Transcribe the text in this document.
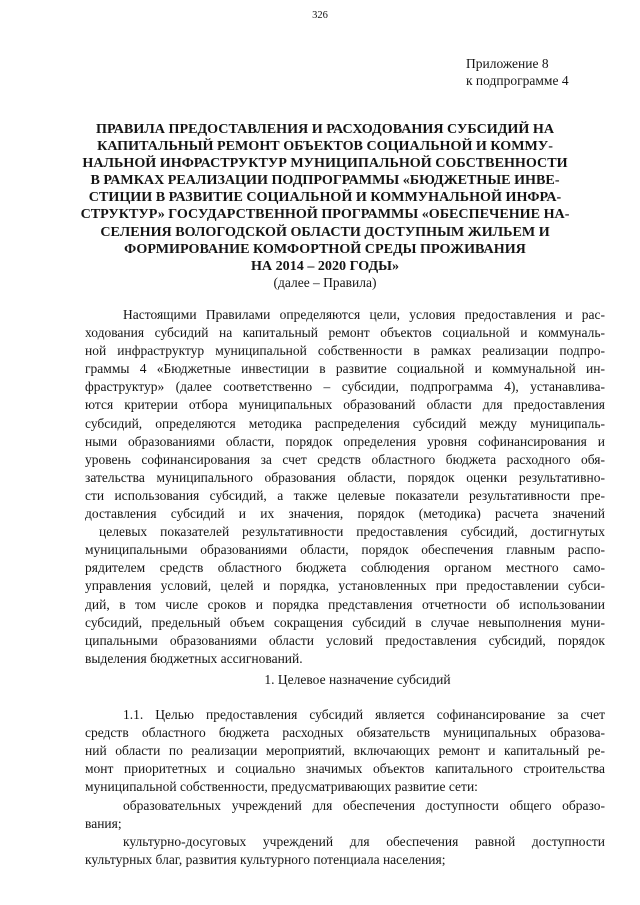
326
Приложение 8
к подпрограмме 4
ПРАВИЛА ПРЕДОСТАВЛЕНИЯ И РАСХОДОВАНИЯ СУБСИДИЙ НА
КАПИТАЛЬНЫЙ РЕМОНТ ОБЪЕКТОВ СОЦИАЛЬНОЙ И КОММУ-
НАЛЬНОЙ ИНФРАСТРУКТУР МУНИЦИПАЛЬНОЙ СОБСТВЕННОСТИ
В РАМКАХ РЕАЛИЗАЦИИ ПОДПРОГРАММЫ «БЮДЖЕТНЫЕ ИНВЕ-
СТИЦИИ В РАЗВИТИЕ СОЦИАЛЬНОЙ И КОММУНАЛЬНОЙ ИНФРА-
СТРУКТУР» ГОСУДАРСТВЕННОЙ ПРОГРАММЫ «ОБЕСПЕЧЕНИЕ НА-
СЕЛЕНИЯ ВОЛОГОДСКОЙ ОБЛАСТИ ДОСТУПНЫМ ЖИЛЬЕМ И
ФОРМИРОВАНИЕ КОМФОРТНОЙ СРЕДЫ ПРОЖИВАНИЯ
НА 2014 – 2020 ГОДЫ»
(далее – Правила)
Настоящими Правилами определяются цели, условия предоставления и рас-
ходования субсидий на капитальный ремонт объектов социальной и коммуналь-
ной инфраструктур муниципальной собственности в рамках реализации подпро-
граммы 4 «Бюджетные инвестиции в развитие социальной и коммунальной ин-
фраструктур» (далее соответственно – субсидии, подпрограмма 4), устанавлива-
ются критерии отбора муниципальных образований области для предоставления
субсидий, определяются методика распределения субсидий между муниципаль-
ными образованиями области, порядок определения уровня софинансирования и
уровень софинансирования за счет средств областного бюджета расходного обя-
зательства муниципального образования области, порядок оценки результативно-
сти использования субсидий, а также целевые показатели результативности пре-
доставления субсидий и их значения, порядок (методика) расчета значений
целевых показателей результативности предоставления субсидий, достигнутых
муниципальными образованиями области, порядок обеспечения главным распо-
рядителем средств областного бюджета соблюдения органом местного само-
управления условий, целей и порядка, установленных при предоставлении субси-
дий, в том числе сроков и порядка представления отчетности об использовании
субсидий, предельный объем сокращения субсидий в случае невыполнения муни-
ципальными образованиями области условий предоставления субсидий, порядок
выделения бюджетных ассигнований.
1. Целевое назначение субсидий
1.1. Целью предоставления субсидий является софинансирование за счет
средств областного бюджета расходных обязательств муниципальных образова-
ний области по реализации мероприятий, включающих ремонт и капитальный ре-
монт приоритетных и социально значимых объектов капитального строительства
муниципальной собственности, предусматривающих развитие сети:
образовательных учреждений для обеспечения доступности общего образо-
вания;
культурно-досуговых учреждений для обеспечения равной доступности
культурных благ, развития культурного потенциала населения;
